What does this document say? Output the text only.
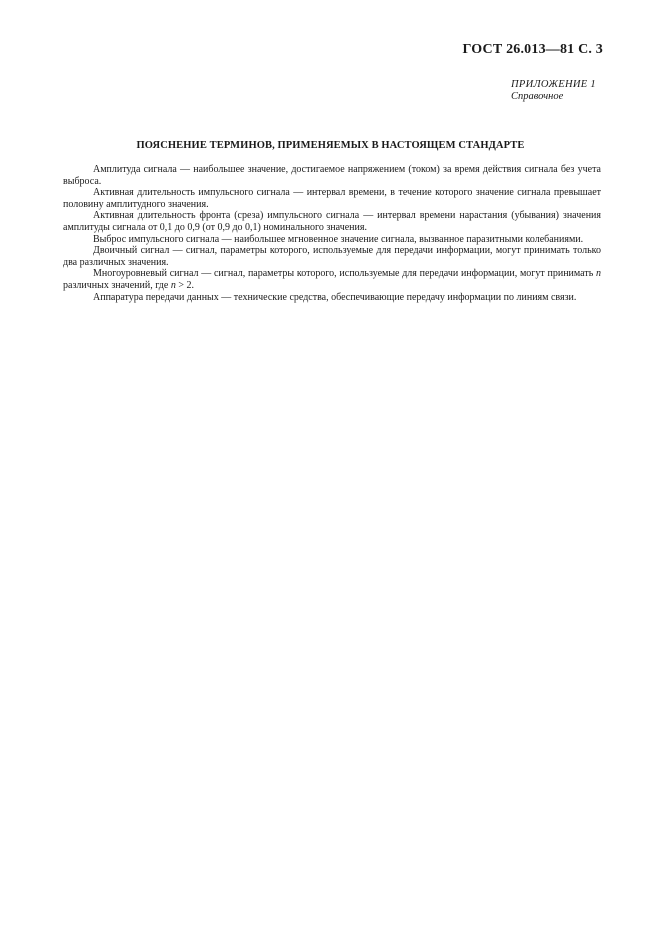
ГОСТ 26.013—81 С. 3
ПРИЛОЖЕНИЕ 1
Справочное
ПОЯСНЕНИЕ ТЕРМИНОВ, ПРИМЕНЯЕМЫХ В НАСТОЯЩЕМ СТАНДАРТЕ

Амплитуда сигнала — наибольшее значение, достигаемое напряжением (током) за время действия сигнала без учета выброса.

Активная длительность импульсного сигнала — интервал времени, в течение которого значение сигнала превышает половину амплитудного значения.

Активная длительность фронта (среза) импульсного сигнала — интервал времени нарастания (убывания) значения амплитуды сигнала от 0,1 до 0,9 (от 0,9 до 0,1) номинального значения.

Выброс импульсного сигнала — наибольшее мгновенное значение сигнала, вызванное паразитными колебаниями.

Двоичный сигнал — сигнал, параметры которого, используемые для передачи информации, могут принимать только два различных значения.

Многоуровневый сигнал — сигнал, параметры которого, используемые для передачи информации, могут принимать n различных значений, где n > 2.

Аппаратура передачи данных — технические средства, обеспечивающие передачу информации по линиям связи.
